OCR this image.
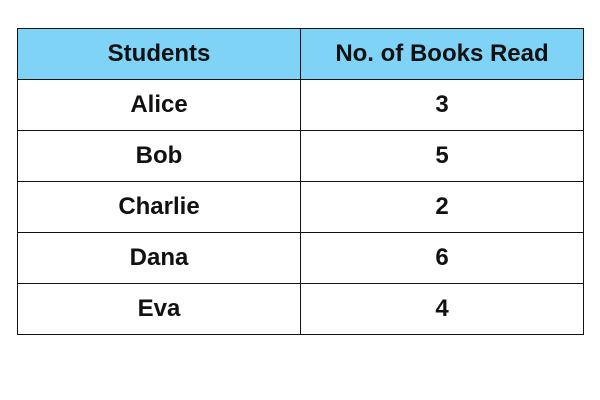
Students	No. of Books Read
Alice	3
Bob	5
Charlie	2
Dana	6
Eva	4
